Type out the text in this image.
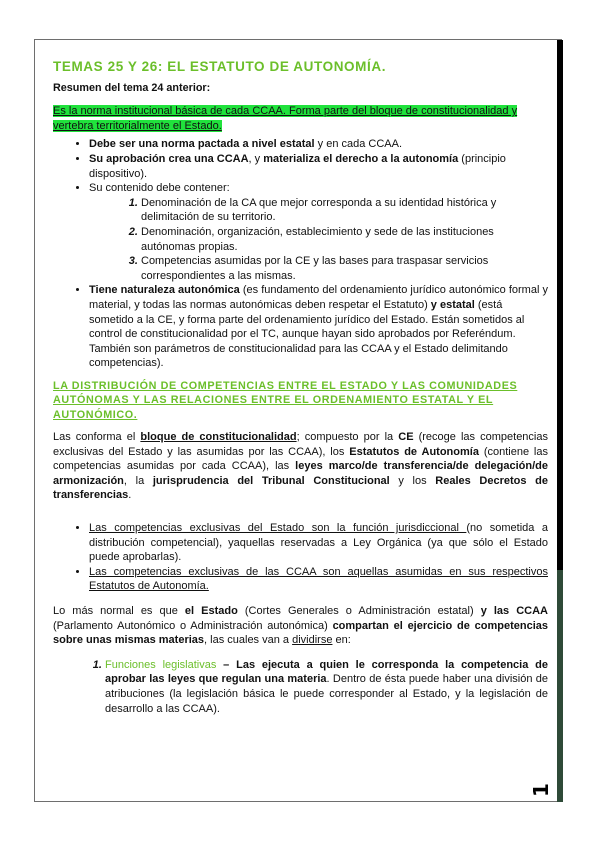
TEMAS 25 Y 26: EL ESTATUTO DE AUTONOMÍA.
Resumen del tema 24 anterior:
Es la norma institucional básica de cada CCAA. Forma parte del bloque de constitucionalidad y vertebra territorialmente el Estado.
• Debe ser una norma pactada a nivel estatal y en cada CCAA.
• Su aprobación crea una CCAA, y materializa el derecho a la autonomía (principio dispositivo).
• Su contenido debe contener:
1. Denominación de la CA que mejor corresponda a su identidad histórica y delimitación de su territorio.
2. Denominación, organización, establecimiento y sede de las instituciones autónomas propias.
3. Competencias asumidas por la CE y las bases para traspasar servicios correspondientes a las mismas.
• Tiene naturaleza autonómica (es fundamento del ordenamiento jurídico autonómico formal y material, y todas las normas autonómicas deben respetar el Estatuto) y estatal (está sometido a la CE, y forma parte del ordenamiento jurídico del Estado. Están sometidos al control de constitucionalidad por el TC, aunque hayan sido aprobados por Referéndum. También son parámetros de constitucionalidad para las CCAA y el Estado delimitando competencias).
LA DISTRIBUCIÓN DE COMPETENCIAS ENTRE EL ESTADO Y LAS COMUNIDADES AUTÓNOMAS Y LAS RELACIONES ENTRE EL ORDENAMIENTO ESTATAL Y EL AUTONÓMICO.

Las conforma el bloque de constitucionalidad; compuesto por la CE (recoge las competencias exclusivas del Estado y las asumidas por las CCAA), los Estatutos de Autonomía (contiene las competencias asumidas por cada CCAA), las leyes marco/de transferencia/de delegación/de armonización, la jurisprudencia del Tribunal Constitucional y los Reales Decretos de transferencias.

• Las competencias exclusivas del Estado son la función jurisdiccional (no sometida a distribución competencial), yaquellas reservadas a Ley Orgánica (ya que sólo el Estado puede aprobarlas).
• Las competencias exclusivas de las CCAA son aquellas asumidas en sus respectivos Estatutos de Autonomía.

Lo más normal es que el Estado (Cortes Generales o Administración estatal) y las CCAA (Parlamento Autonómico o Administración autonómica) compartan el ejercicio de competencias sobre unas mismas materias, las cuales van a dividirse en:

1. Funciones legislativas – Las ejecuta a quien le corresponda la competencia de aprobar las leyes que regulan una materia. Dentro de ésta puede haber una división de atribuciones (la legislación básica le puede corresponder al Estado, y la legislación de desarrollo a las CCAA).
1
